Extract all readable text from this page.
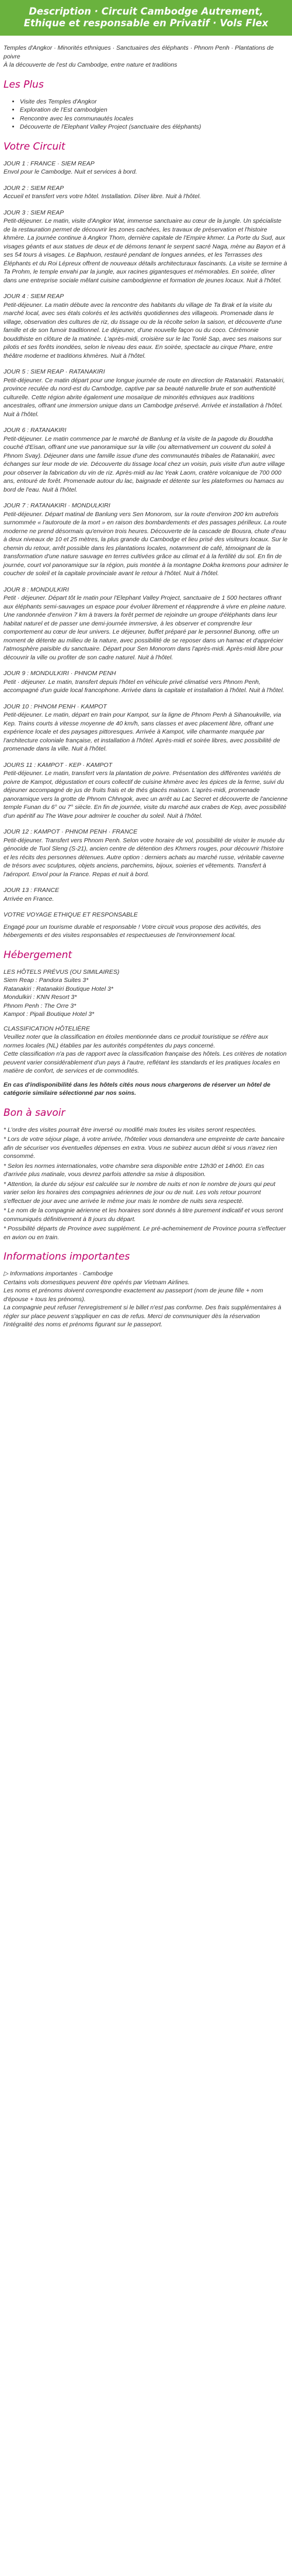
Description · Circuit Cambodge Autrement, Ethique et responsable en Privatif · Vols Flex
Temples d'Angkor · Minorités ethniques · Sanctuaires des éléphants · Phnom Penh · Plantations de poivre
À la découverte de l'est du Cambodge, entre nature et traditions
Les Plus
• Visite des Temples d'Angkor
• Exploration de l'Est cambodgien
• Rencontre avec les communautés locales
• Découverte de l'Elephant Valley Project (sanctuaire des éléphants)
Votre Circuit
JOUR 1 : FRANCE · SIEM REAP
Envol pour le Cambodge. Nuit et services à bord.
JOUR 2 : SIEM REAP
Accueil et transfert vers votre hôtel. Installation. Dîner libre. Nuit à l'hôtel.
JOUR 3 : SIEM REAP
Petit-déjeuner. Le matin, visite d'Angkor Wat, immense sanctuaire au cœur de la jungle. Un spécialiste de la restauration permet de découvrir les zones cachées, les travaux de préservation et l'histoire khmère. La journée continue à Angkor Thom, dernière capitale de l'Empire khmer. La Porte du Sud, aux visages géants et aux statues de deux et de démons tenant le serpent sacré Naga, mène au Bayon et à ses 54 tours à visages. Le Baphuon, restauré pendant de longues années, et les Terrasses des Éléphants et du Roi Lépreux offrent de nouveaux détails architecturaux fascinants. La visite se termine à Ta Prohm, le temple envahi par la jungle, aux racines gigantesques et mémorables. En soirée, dîner dans une entreprise sociale mêlant cuisine cambodgienne et formation de jeunes locaux. Nuit à l'hôtel.
JOUR 4 : SIEM REAP
Petit-déjeuner. La matin débute avec la rencontre des habitants du village de Ta Brak et la visite du marché local, avec ses étals colorés et les activités quotidiennes des villageois. Promenade dans le village, observation des cultures de riz, du tissage ou de la récolte selon la saison, et découverte d'une famille et de son fumoir traditionnel. Le déjeuner, d'une nouvelle façon ou du coco. Cérémonie bouddhiste en clôture de la matinée. L'après-midi, croisière sur le lac Tonlé Sap, avec ses maisons sur pilotis et ses forêts inondées, selon le niveau des eaux. En soirée, spectacle au cirque Phare, entre théâtre moderne et traditions khmères. Nuit à l'hôtel.
JOUR 5 : SIEM REAP · RATANAKIRI
Petit-déjeuner. Ce matin départ pour une longue journée de route en direction de Ratanakiri. Ratanakiri, province reculée du nord-est du Cambodge, captive par sa beauté naturelle brute et son authenticité culturelle. Cette région abrite également une mosaïque de minorités ethniques aux traditions ancestrales, offrant une immersion unique dans un Cambodge préservé. Arrivée et installation à l'hôtel. Nuit à l'hôtel.
JOUR 6 : RATANAKIRI
Petit-déjeuner. Le matin commence par le marché de Banlung et la visite de la pagode du Bouddha couché d'Eisan, offrant une vue panoramique sur la ville (ou alternativement un couvent du soleil à Phnom Svay). Déjeuner dans une famille issue d'une des communautés tribales de Ratanakiri, avec échanges sur leur mode de vie. Découverte du tissage local chez un voisin, puis visite d'un autre village pour observer la fabrication du vin de riz. Après-midi au lac Yeak Laom, cratère volcanique de 700 000 ans, entouré de forêt. Promenade autour du lac, baignade et détente sur les plateformes ou hamacs au bord de l'eau. Nuit à l'hôtel.
JOUR 7 : RATANAKIRI · MONDULKIRI
Petit-déjeuner. Départ matinal de Banlung vers Sen Monorom, sur la route d'environ 200 km autrefois surnommée « l'autoroute de la mort » en raison des bombardements et des passages périlleux. La route moderne ne prend désormais qu'environ trois heures. Découverte de la cascade de Bousra, chute d'eau à deux niveaux de 10 et 25 mètres, la plus grande du Cambodge et lieu prisé des visiteurs locaux. Sur le chemin du retour, arrêt possible dans les plantations locales, notamment de café, témoignant de la transformation d'une nature sauvage en terres cultivées grâce au climat et à la fertilité du sol. En fin de journée, court vol panoramique sur la région, puis montée à la montagne Dokha kremons pour admirer le coucher de soleil et la capitale provinciale avant le retour à l'hôtel. Nuit à l'hôtel.
JOUR 8 : MONDULKIRI
Petit · déjeuner. Départ tôt le matin pour l'Elephant Valley Project, sanctuaire de 1 500 hectares offrant aux éléphants semi-sauvages un espace pour évoluer librement et réapprendre à vivre en pleine nature. Une randonnée d'environ 7 km à travers la forêt permet de rejoindre un groupe d'éléphants dans leur habitat naturel et de passer une demi-journée immersive, à les observer et comprendre leur comportement au cœur de leur univers. Le déjeuner, buffet préparé par le personnel Bunong, offre un moment de détente au milieu de la nature, avec possibilité de se reposer dans un hamac et d'apprécier l'atmosphère paisible du sanctuaire. Départ pour Sen Monorom dans l'après-midi. Après-midi libre pour découvrir la ville ou profiter de son cadre naturel. Nuit à l'hôtel.
JOUR 9 : MONDULKIRI · PHNOM PENH
Petit · déjeuner. Le matin, transfert depuis l'hôtel en véhicule privé climatisé vers Phnom Penh, accompagné d'un guide local francophone. Arrivée dans la capitale et installation à l'hôtel. Nuit à l'hôtel.
JOUR 10 : PHNOM PENH · KAMPOT
Petit-déjeuner. Le matin, départ en train pour Kampot, sur la ligne de Phnom Penh à Sihanoukville, via Kep. Trains courts à vitesse moyenne de 40 km/h, sans classes et avec placement libre, offrant une expérience locale et des paysages pittoresques. Arrivée à Kampot, ville charmante marquée par l'architecture coloniale française, et installation à l'hôtel. Après-midi et soirée libres, avec possibilité de promenade dans la ville. Nuit à l'hôtel.
JOURS 11 : KAMPOT · KEP · KAMPOT
Petit-déjeuner. Le matin, transfert vers la plantation de poivre. Présentation des différentes variétés de poivre de Kampot, dégustation et cours collectif de cuisine khmère avec les épices de la ferme, suivi du déjeuner accompagné de jus de fruits frais et de thés glacés maison. L'après-midi, promenade panoramique vers la grotte de Phnom Chhngok, avec un arrêt au Lac Secret et découverte de l'ancienne temple Funan du 6° ou 7° siècle. En fin de journée, visite du marché aux crabes de Kep, avec possibilité d'un apéritif au The Wave pour admirer le coucher du soleil. Nuit à l'hôtel.
JOUR 12 : KAMPOT · PHNOM PENH · FRANCE
Petit-déjeuner. Transfert vers Phnom Penh. Selon votre horaire de vol, possibilité de visiter le musée du génocide de Tuol Sleng (S-21), ancien centre de détention des Khmers rouges, pour découvrir l'histoire et les récits des personnes détenues. Autre option : derniers achats au marché russe, véritable caverne de trésors avec sculptures, objets anciens, parchemins, bijoux, soieries et vêtements. Transfert à l'aéroport. Envol pour la France. Repas et nuit à bord.
JOUR 13 : FRANCE
Arrivée en France.
VOTRE VOYAGE ETHIQUE ET RESPONSABLE
Engagé pour un tourisme durable et responsable ! Votre circuit vous propose des activités, des hébergements et des visites responsables et respectueuses de l'environnement local.
Hébergement
LES HÔTELS PRÉVUS (OU SIMILAIRES)
Siem Reap : Pandora Suites 3*
Ratanakiri : Ratanakiri Boutique Hotel 3*
Mondulkiri : KNN Resort 3*
Phnom Penh : The Orre 3*
Kampot : Pipali Boutique Hotel 3*
CLASSIFICATION HÔTELIÈRE
Veuillez noter que la classification en étoiles mentionnée dans ce produit touristique se réfère aux normes locales (NL) établies par les autorités compétentes du pays concerné.
Cette classification n'a pas de rapport avec la classification française des hôtels. Les critères de notation peuvent varier considérablement d'un pays à l'autre, reflétant les standards et les pratiques locales en matière de confort, de services et de commodités.
En cas d'indisponibilité dans les hôtels cités nous nous chargerons de réserver un hôtel de catégorie similaire sélectionné par nos soins.
Bon à savoir
* L'ordre des visites pourrait être inversé ou modifié mais toutes les visites seront respectées.
* Lors de votre séjour plage, à votre arrivée, l'hôtelier vous demandera une empreinte de carte bancaire afin de sécuriser vos éventuelles dépenses en extra. Vous ne subirez aucun débit si vous n'avez rien consommé.
* Selon les normes internationales, votre chambre sera disponible entre 12h30 et 14h00. En cas d'arrivée plus matinale, vous devrez parfois attendre sa mise à disposition.
* Attention, la durée du séjour est calculée sur le nombre de nuits et non le nombre de jours qui peut varier selon les horaires des compagnies aériennes de jour ou de nuit. Les vols retour pourront s'effectuer de jour avec une arrivée le même jour mais le nombre de nuits sera respecté.
* Le nom de la compagnie aérienne et les horaires sont donnés à titre purement indicatif et vous seront communiqués définitivement à 8 jours du départ.
* Possibilité départs de Province avec supplément. Le pré-acheminement de Province pourra s'effectuer en avion ou en train.
Informations importantes
▷ Informations importantes · Cambodge
Certains vols domestiques peuvent être opérés par Vietnam Airlines.
Les noms et prénoms doivent correspondre exactement au passeport (nom de jeune fille + nom d'épouse + tous les prénoms).
La compagnie peut refuser l'enregistrement si le billet n'est pas conforme. Des frais supplémentaires à régler sur place peuvent s'appliquer en cas de refus. Merci de communiquer dès la réservation l'intégralité des noms et prénoms figurant sur le passeport.
